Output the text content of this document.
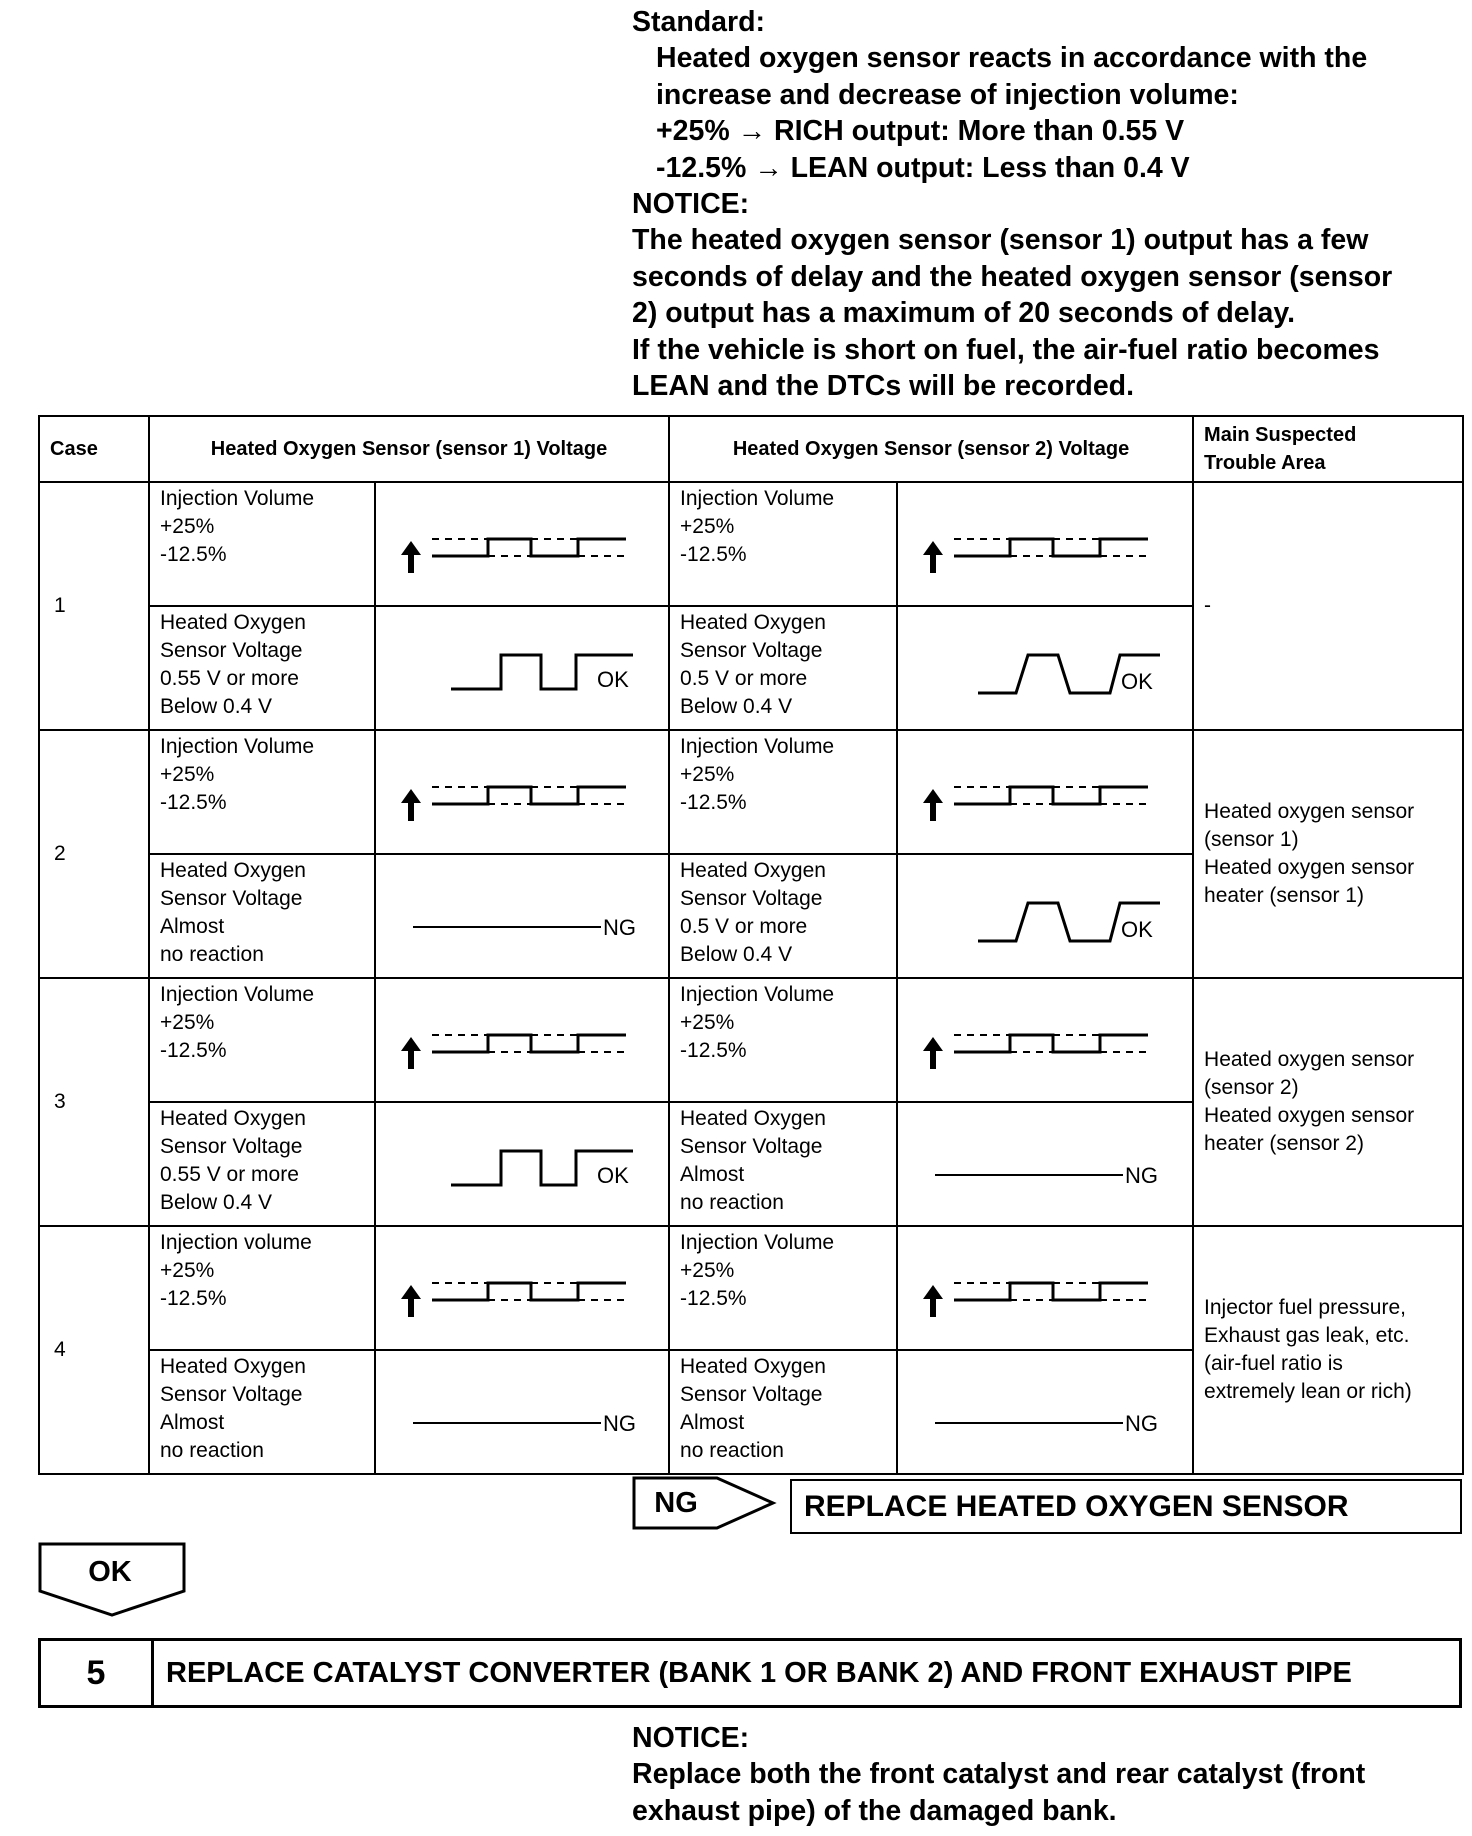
Standard:
Heated oxygen sensor reacts in accordance with the
increase and decrease of injection volume:
+25% → RICH output: More than 0.55 V
-12.5% → LEAN output: Less than 0.4 V
NOTICE:
The heated oxygen sensor (sensor 1) output has a few
seconds of delay and the heated oxygen sensor (sensor
2) output has a maximum of 20 seconds of delay.
If the vehicle is short on fuel, the air-fuel ratio becomes
LEAN and the DTCs will be recorded.
Case	Heated Oxygen Sensor (sensor 1) Voltage		Heated Oxygen Sensor (sensor 2) Voltage		Main Suspected
Trouble Area

1	Injection Volume
+25%
-12.5%		Injection Volume
+25%
-12.5%		-

	Heated Oxygen
Sensor Voltage
0.55 V or more
Below 0.4 V	OK	Heated Oxygen
Sensor Voltage
0.5 V or more
Below 0.4 V	OK	

2	Injection Volume
+25%
-12.5%		Injection Volume
+25%
-12.5%		Heated oxygen sensor
(sensor 1)
Heated oxygen sensor
heater (sensor 1)

	Heated Oxygen
Sensor Voltage
Almost
no reaction	NG	Heated Oxygen
Sensor Voltage
0.5 V or more
Below 0.4 V	OK	

3	Injection Volume
+25%
-12.5%		Injection Volume
+25%
-12.5%		Heated oxygen sensor
(sensor 2)
Heated oxygen sensor
heater (sensor 2)

	Heated Oxygen
Sensor Voltage
0.55 V or more
Below 0.4 V	OK	Heated Oxygen
Sensor Voltage
Almost
no reaction	NG	

4	Injection volume
+25%
-12.5%		Injection Volume
+25%
-12.5%		Injector fuel pressure,
Exhaust gas leak, etc.
(air-fuel ratio is
extremely lean or rich)

	Heated Oxygen
Sensor Voltage
Almost
no reaction	NG	Heated Oxygen
Sensor Voltage
Almost
no reaction	NG	
NG	REPLACE HEATED OXYGEN SENSOR
OK
5	REPLACE CATALYST CONVERTER (BANK 1 OR BANK 2) AND FRONT EXHAUST PIPE
NOTICE:
Replace both the front catalyst and rear catalyst (front
exhaust pipe) of the damaged bank.
